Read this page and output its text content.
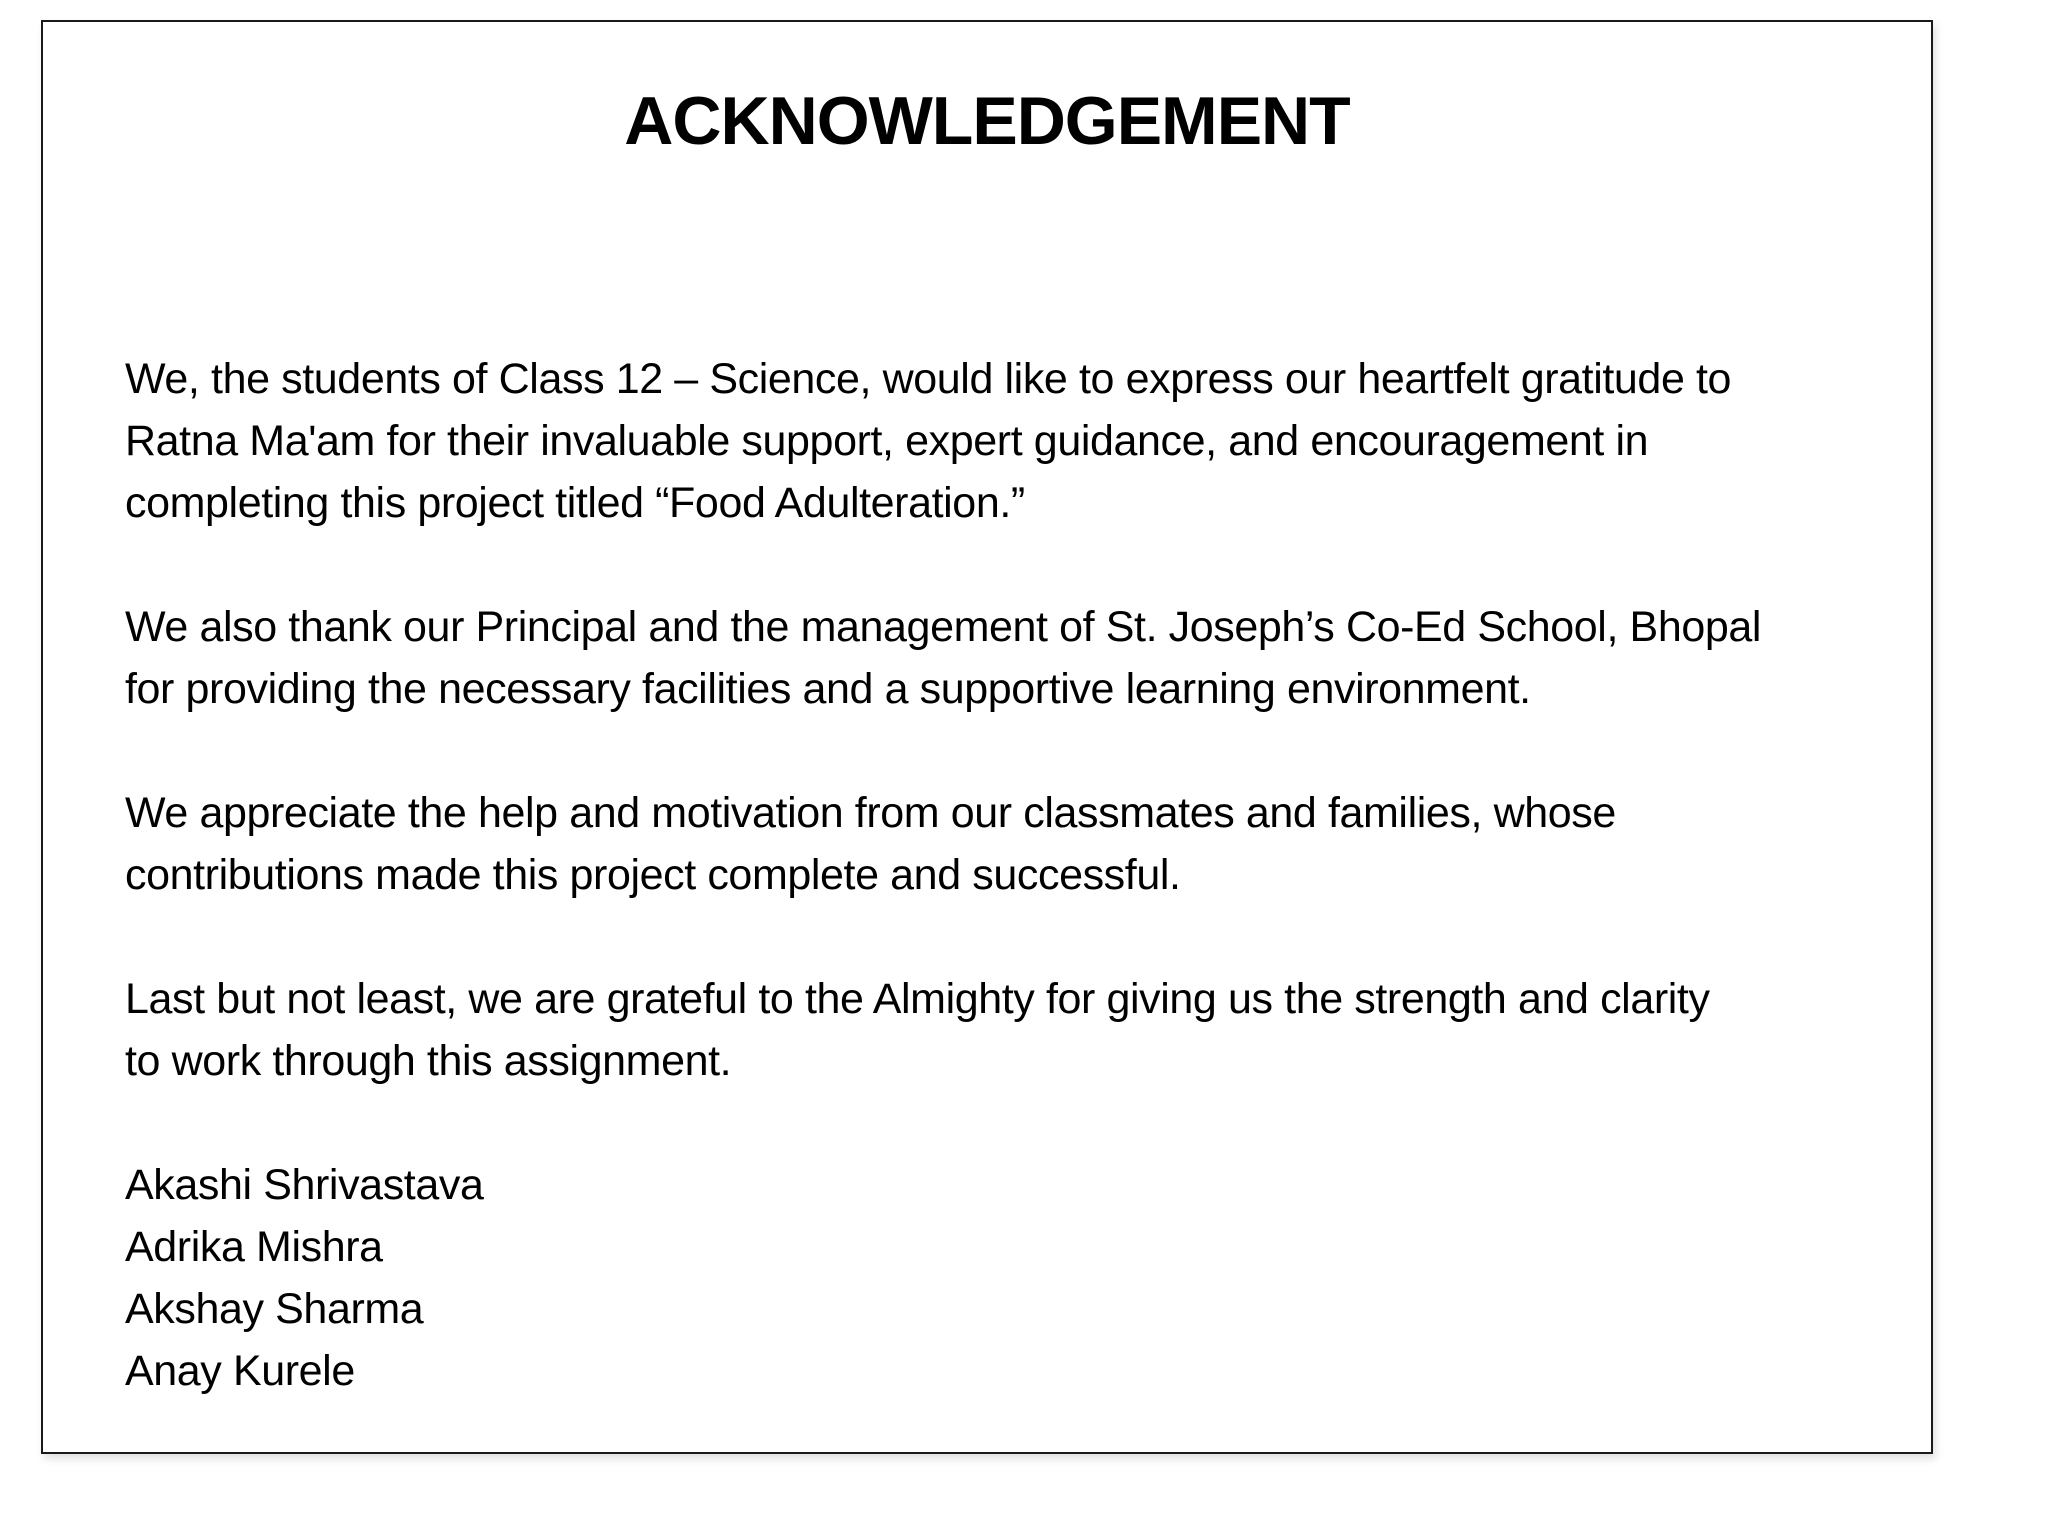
ACKNOWLEDGEMENT

We, the students of Class 12 – Science, would like to express our heartfelt gratitude to
Ratna Ma'am for their invaluable support, expert guidance, and encouragement in
completing this project titled “Food Adulteration.”

We also thank our Principal and the management of St. Joseph’s Co-Ed School, Bhopal
for providing the necessary facilities and a supportive learning environment.

We appreciate the help and motivation from our classmates and families, whose
contributions made this project complete and successful.

Last but not least, we are grateful to the Almighty for giving us the strength and clarity
to work through this assignment.

Akashi Shrivastava
Adrika Mishra
Akshay Sharma
Anay Kurele
